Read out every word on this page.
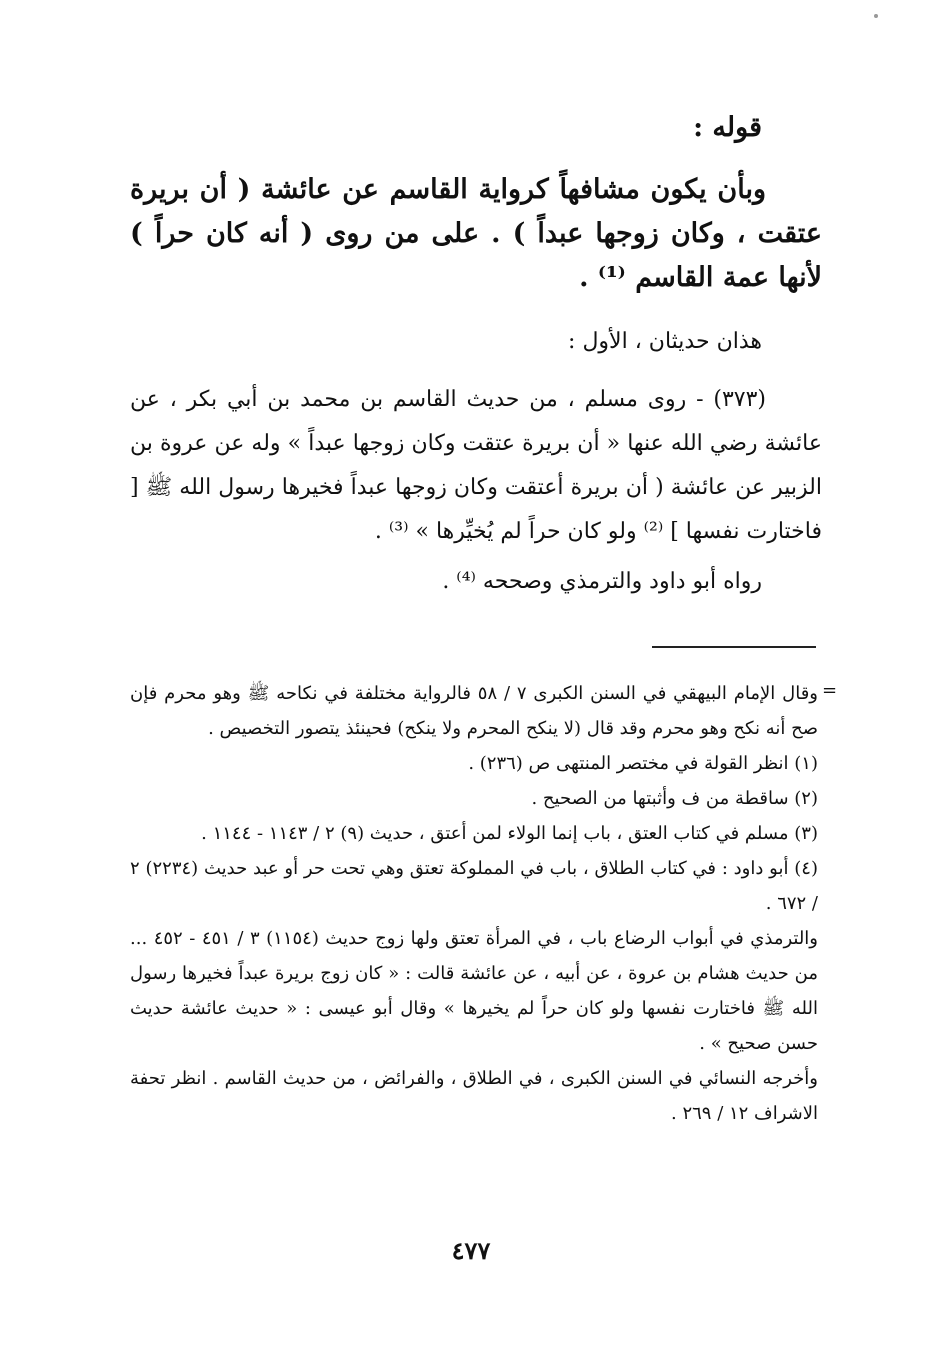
قوله :

وبأن يكون مشافهاً كرواية القاسم عن عائشة ( أن بريرة عتقت ، وكان زوجها عبداً ) . على من روى ( أنه كان حراً ) لأنها عمة القاسم ⁽¹⁾ .

هذان حديثان ، الأول :

(٣٧٣) - روى مسلم ، من حديث القاسم بن محمد بن أبي بكر ، عن عائشة رضي الله عنها « أن بريرة عتقت وكان زوجها عبداً » وله عن عروة بن الزبير عن عائشة ( أن بريرة أعتقت وكان زوجها عبداً فخيرها رسول الله ﷺ [ فاختارت نفسها ] ⁽²⁾ ولو كان حراً لم يُخيِّرها » ⁽³⁾ .

رواه أبو داود والترمذي وصححه ⁽⁴⁾ .
=

وقال الإمام البيهقي في السنن الكبرى ٧ / ٥٨ فالرواية مختلفة في نكاحه ﷺ وهو محرم فإن صح أنه نكح وهو محرم وقد قال (لا ينكح المحرم ولا ينكح) فحينئذ يتصور التخصيص .

(١) انظر القولة في مختصر المنتهى ص (٢٣٦) .

(٢) ساقطة من ف وأثبتها من الصحيح .

(٣) مسلم في كتاب العتق ، باب إنما الولاء لمن أعتق ، حديث (٩) ٢ / ١١٤٣ - ١١٤٤ .

(٤) أبو داود : في كتاب الطلاق ، باب في المملوكة تعتق وهي تحت حر أو عبد حديث (٢٢٣٤) ٢ / ٦٧٢ .

والترمذي في أبواب الرضاع باب ، في المرأة تعتق ولها زوج حديث (١١٥٤) ٣ / ٤٥١ - ٤٥٢ ... من حديث هشام بن عروة ، عن أبيه ، عن عائشة قالت : « كان زوج بريرة عبداً فخيرها رسول الله ﷺ فاختارت نفسها ولو كان حراً لم يخيرها » وقال أبو عيسى : « حديث عائشة حديث حسن صحيح » .

وأخرجه النسائي في السنن الكبرى ، في الطلاق ، والفرائض ، من حديث القاسم . انظر تحفة الاشراف ١٢ / ٢٦٩ .

٤٧٧
